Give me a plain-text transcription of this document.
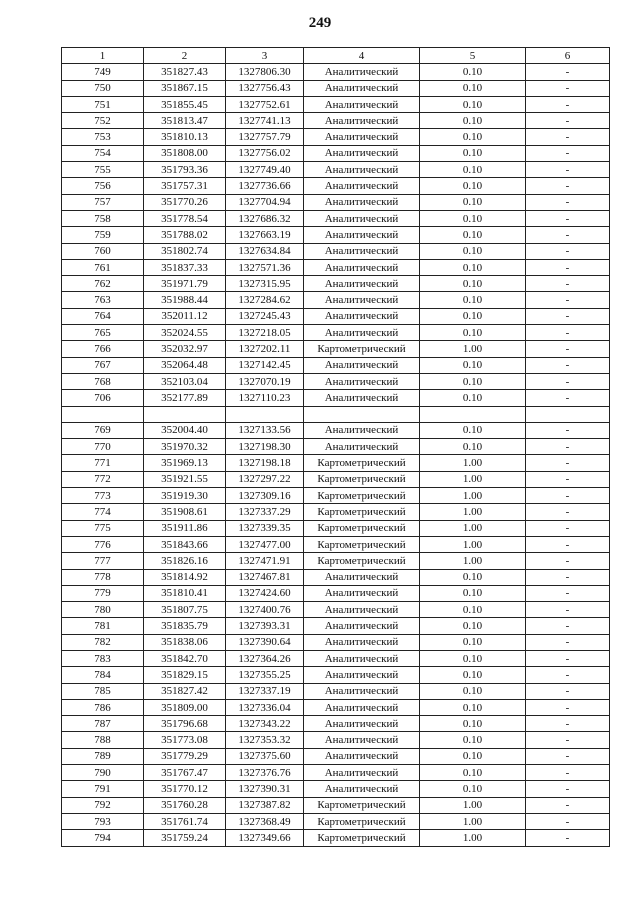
249
1	2	3	4	5	6
749	351827.43	1327806.30	Аналитический	0.10	-
750	351867.15	1327756.43	Аналитический	0.10	-
751	351855.45	1327752.61	Аналитический	0.10	-
752	351813.47	1327741.13	Аналитический	0.10	-
753	351810.13	1327757.79	Аналитический	0.10	-
754	351808.00	1327756.02	Аналитический	0.10	-
755	351793.36	1327749.40	Аналитический	0.10	-
756	351757.31	1327736.66	Аналитический	0.10	-
757	351770.26	1327704.94	Аналитический	0.10	-
758	351778.54	1327686.32	Аналитический	0.10	-
759	351788.02	1327663.19	Аналитический	0.10	-
760	351802.74	1327634.84	Аналитический	0.10	-
761	351837.33	1327571.36	Аналитический	0.10	-
762	351971.79	1327315.95	Аналитический	0.10	-
763	351988.44	1327284.62	Аналитический	0.10	-
764	352011.12	1327245.43	Аналитический	0.10	-
765	352024.55	1327218.05	Аналитический	0.10	-
766	352032.97	1327202.11	Картометрический	1.00	-
767	352064.48	1327142.45	Аналитический	0.10	-
768	352103.04	1327070.19	Аналитический	0.10	-
706	352177.89	1327110.23	Аналитический	0.10	-

769	352004.40	1327133.56	Аналитический	0.10	-
770	351970.32	1327198.30	Аналитический	0.10	-
771	351969.13	1327198.18	Картометрический	1.00	-
772	351921.55	1327297.22	Картометрический	1.00	-
773	351919.30	1327309.16	Картометрический	1.00	-
774	351908.61	1327337.29	Картометрический	1.00	-
775	351911.86	1327339.35	Картометрический	1.00	-
776	351843.66	1327477.00	Картометрический	1.00	-
777	351826.16	1327471.91	Картометрический	1.00	-
778	351814.92	1327467.81	Аналитический	0.10	-
779	351810.41	1327424.60	Аналитический	0.10	-
780	351807.75	1327400.76	Аналитический	0.10	-
781	351835.79	1327393.31	Аналитический	0.10	-
782	351838.06	1327390.64	Аналитический	0.10	-
783	351842.70	1327364.26	Аналитический	0.10	-
784	351829.15	1327355.25	Аналитический	0.10	-
785	351827.42	1327337.19	Аналитический	0.10	-
786	351809.00	1327336.04	Аналитический	0.10	-
787	351796.68	1327343.22	Аналитический	0.10	-
788	351773.08	1327353.32	Аналитический	0.10	-
789	351779.29	1327375.60	Аналитический	0.10	-
790	351767.47	1327376.76	Аналитический	0.10	-
791	351770.12	1327390.31	Аналитический	0.10	-
792	351760.28	1327387.82	Картометрический	1.00	-
793	351761.74	1327368.49	Картометрический	1.00	-
794	351759.24	1327349.66	Картометрический	1.00	-
